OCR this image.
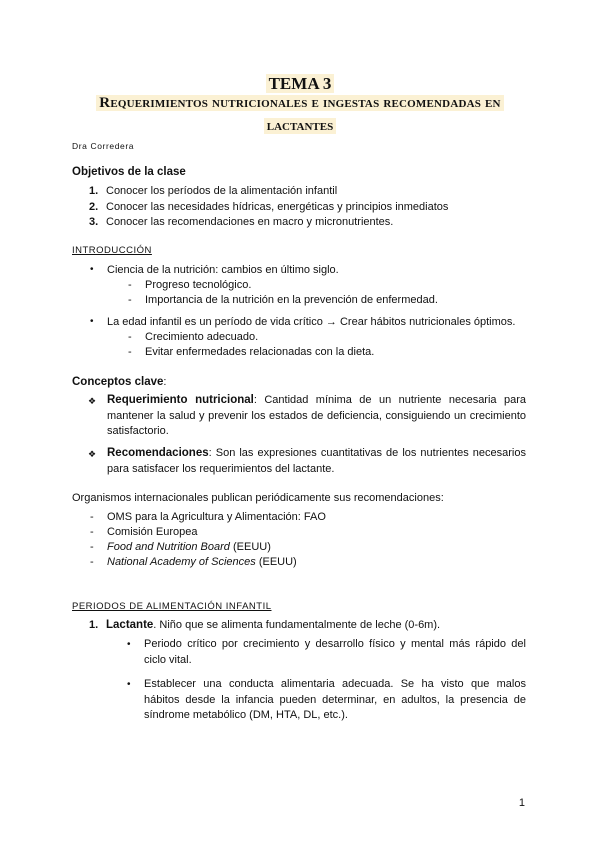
TEMA 3
Requerimientos nutricionales e ingestas recomendadas en
lactantes
Dra Corredera
Objetivos de la clase
1. Conocer los períodos de la alimentación infantil
2. Conocer las necesidades hídricas, energéticas y principios inmediatos
3. Conocer las recomendaciones en macro y micronutrientes.
INTRODUCCIÓN
• Ciencia de la nutrición: cambios en último siglo.
- Progreso tecnológico.
- Importancia de la nutrición en la prevención de enfermedad.
• La edad infantil es un período de vida crítico → Crear hábitos nutricionales óptimos.
- Crecimiento adecuado.
- Evitar enfermedades relacionadas con la dieta.
Conceptos clave:
❖ Requerimiento nutricional: Cantidad mínima de un nutriente necesaria para mantener la salud y prevenir los estados de deficiencia, consiguiendo un crecimiento satisfactorio.
❖ Recomendaciones: Son las expresiones cuantitativas de los nutrientes necesarios para satisfacer los requerimientos del lactante.
Organismos internacionales publican periódicamente sus recomendaciones:
- OMS para la Agricultura y Alimentación: FAO
- Comisión Europea
- Food and Nutrition Board (EEUU)
- National Academy of Sciences (EEUU)
PERIODOS DE ALIMENTACIÓN INFANTIL
1. Lactante. Niño que se alimenta fundamentalmente de leche (0-6m).
• Periodo crítico por crecimiento y desarrollo físico y mental más rápido del ciclo vital.
• Establecer una conducta alimentaria adecuada. Se ha visto que malos hábitos desde la infancia pueden determinar, en adultos, la presencia de síndrome metabólico (DM, HTA, DL, etc.).
1
